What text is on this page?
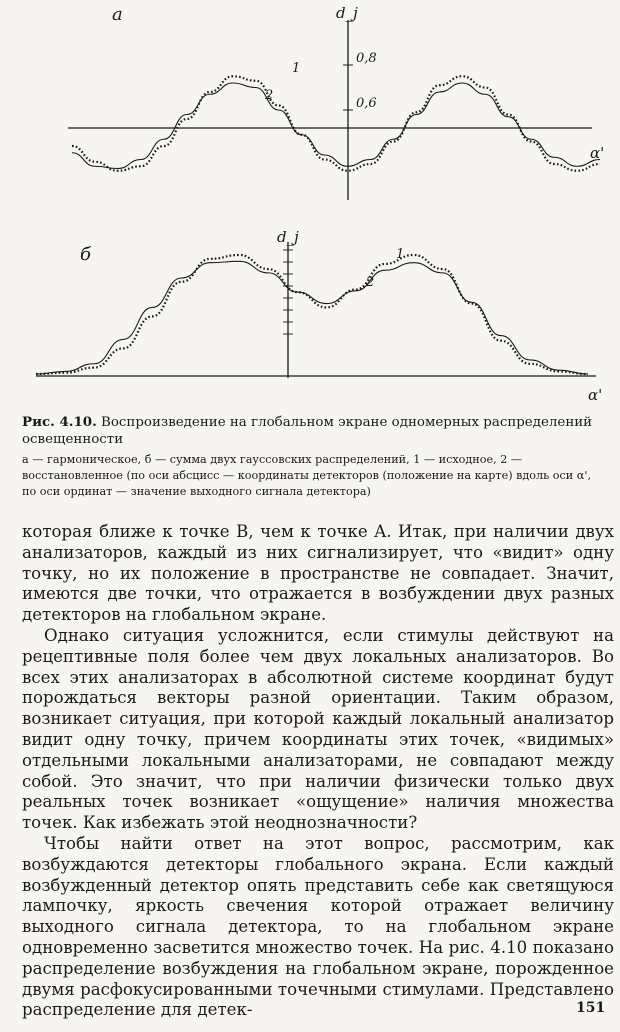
0,8
0,6
а	d_j
α'
1
2
б
d_j
α'
1
2
Рис. 4.10. Воспроизведение на глобальном экране одномерных распределений освещенности
а — гармоническое, б — сумма двух гауссовских распределений, 1 — исходное, 2 — восстановленное (по оси абсцисс — координаты детекторов (положение на карте) вдоль оси α', по оси ординат — значение выходного сигнала детектора)

которая ближе к точке B, чем к точке A. Итак, при наличии двух анализаторов, каждый из них сигнализирует, что «видит» одну точку, но их положение в пространстве не совпадает. Значит, имеются две точки, что отражается в возбуждении двух разных детекторов на глобальном экране.

Однако ситуация усложнится, если стимулы действуют на рецептивные поля более чем двух локальных анализаторов. Во всех этих анализаторах в абсолютной системе координат будут порождаться векторы разной ориентации. Таким образом, возникает ситуация, при которой каждый локальный анализатор видит одну точку, причем координаты этих точек, «видимых» отдельными локальными анализаторами, не совпадают между собой. Это значит, что при наличии физически только двух реальных точек возникает «ощущение» наличия множества точек. Как избежать этой неоднозначности?

Чтобы найти ответ на этот вопрос, рассмотрим, как возбуждаются детекторы глобального экрана. Если каждый возбужденный детектор опять представить себе как светящуюся лампочку, яркость свечения которой отражает величину выходного сигнала детектора, то на глобальном экране одновременно засветится множество точек. На рис. 4.10 показано распределение возбуждения на глобальном экране, порожденное двумя расфокусированными точечными стимулами. Представлено распределение для детек-	151
